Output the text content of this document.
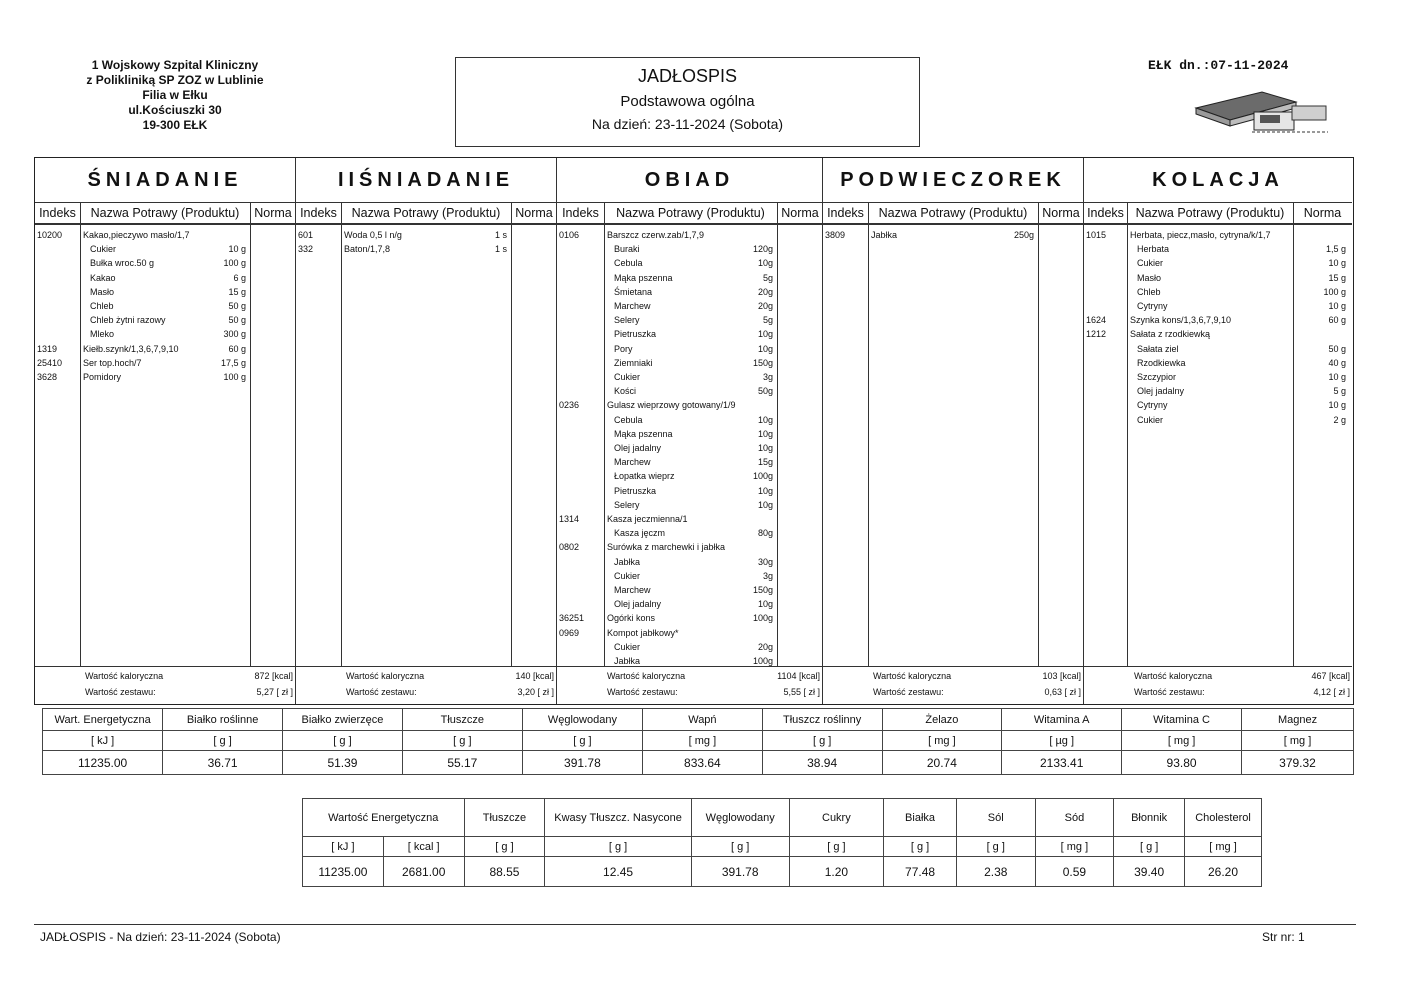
1 Wojskowy Szpital Kliniczny
z Polikliniką SP ZOZ w Lublinie
Filia w Ełku
ul.Kościuszki 30
19-300 EŁK
JADŁOSPIS
Podstawowa ogólna
Na dzień: 23-11-2024 (Sobota)
EŁK dn.:07-11-2024
ŚNIADANIE
Indeks	Nazwa Potrawy (Produktu)	Norma
10200 Kakao,pieczywo masło/1,7
Cukier	10 g
Bułka wroc.50 g	100 g
Kakao	6 g
Masło	15 g
Chleb	50 g
Chleb żytni razowy	50 g
Mleko	300 g
1319	Kiełb.szynk/1,3,6,7,9,10	60 g
25410 Ser top.hoch/7	17,5 g
3628	Pomidory	100 g
Wartość kaloryczna	872 [kcal]
Wartość zestawu:	5,27 [ zł ]
IIŚNIADANIE
Indeks	Nazwa Potrawy (Produktu)	Norma
601	Woda 0,5 l n/g	1 s
332	Baton/1,7,8	1 s
Wartość kaloryczna	140 [kcal]
Wartość zestawu:	3,20 [ zł ]
OBIAD
Indeks	Nazwa Potrawy (Produktu)	Norma
0106	Barszcz czerw.zab/1,7,9
Buraki	120g
Cebula	10g
Mąka pszenna	5g
Śmietana	20g
Marchew	20g
Selery	5g
Pietruszka	10g
Pory	10g
Ziemniaki	150g
Cukier	3g
Kości	50g
0236	Gulasz wieprzowy gotowany/1/9
Cebula	10g
Mąka pszenna	10g
Olej jadalny	10g
Marchew	15g
Łopatka wieprz	100g
Pietruszka	10g
Selery	10g
1314	Kasza jeczmienna/1
Kasza jęczm	80g
0802	Surówka z marchewki i jabłka
Jabłka	30g
Cukier	3g
Marchew	150g
Olej jadalny	10g
36251	Ogórki kons	100g
0969	Kompot jabłkowy*
Cukier	20g
Jabłka	100g
Wartość kaloryczna	1104 [kcal]
Wartość zestawu:	5,55 [ zł ]
PODWIECZOREK
Indeks	Nazwa Potrawy (Produktu)	Norma
3809	Jabłka	250g
Wartość kaloryczna	103 [kcal]
Wartość zestawu:	0,63 [ zł ]
KOLACJA
Indeks Nazwa Potrawy (Produktu)	Norma
1015	Herbata, piecz,masło, cytryna/k/1,7
Herbata	1,5 g
Cukier	10 g
Masło	15 g
Chleb	100 g
Cytryny	10 g
1624	Szynka kons/1,3,6,7,9,10	60 g
1212	Sałata z rzodkiewką
Sałata ziel	50 g
Rzodkiewka	40 g
Szczypior	10 g
Olej jadalny	5 g
Cytryny	10 g
Cukier	2 g
Wartość kaloryczna	467 [kcal]
Wartość zestawu:	4,12 [ zł ]
Wart. Energetyczna	Białko roślinne	Białko zwierzęce	Tłuszcze	Węglowodany	Wapń	Tłuszcz roślinny	Żelazo	Witamina A	Witamina C	Magnez
[ kJ ]	[ g ]	[ g ]	[ g ]	[ g ]	[ mg ]	[ g ]	[ mg ]	[ µg ]	[ mg ]	[ mg ]
11235.00	36.71	51.39	55.17	391.78	833.64	38.94	20.74	2133.41	93.80	379.32
Wartość Energetyczna		Tłuszcze	Kwasy Tłuszcz. Nasycone	Węglowodany	Cukry	Białka	Sól	Sód	Błonnik	Cholesterol
[ kJ ]	[ kcal ]	[ g ]	[ g ]	[ g ]	[ g ]	[ g ]	[ g ]	[ mg ]	[ g ]	[ mg ]
11235.00	2681.00	88.55	12.45	391.78	1.20	77.48	2.38	0.59	39.40	26.20
JADŁOSPIS - Na dzień: 23-11-2024 (Sobota)	Str nr: 1
